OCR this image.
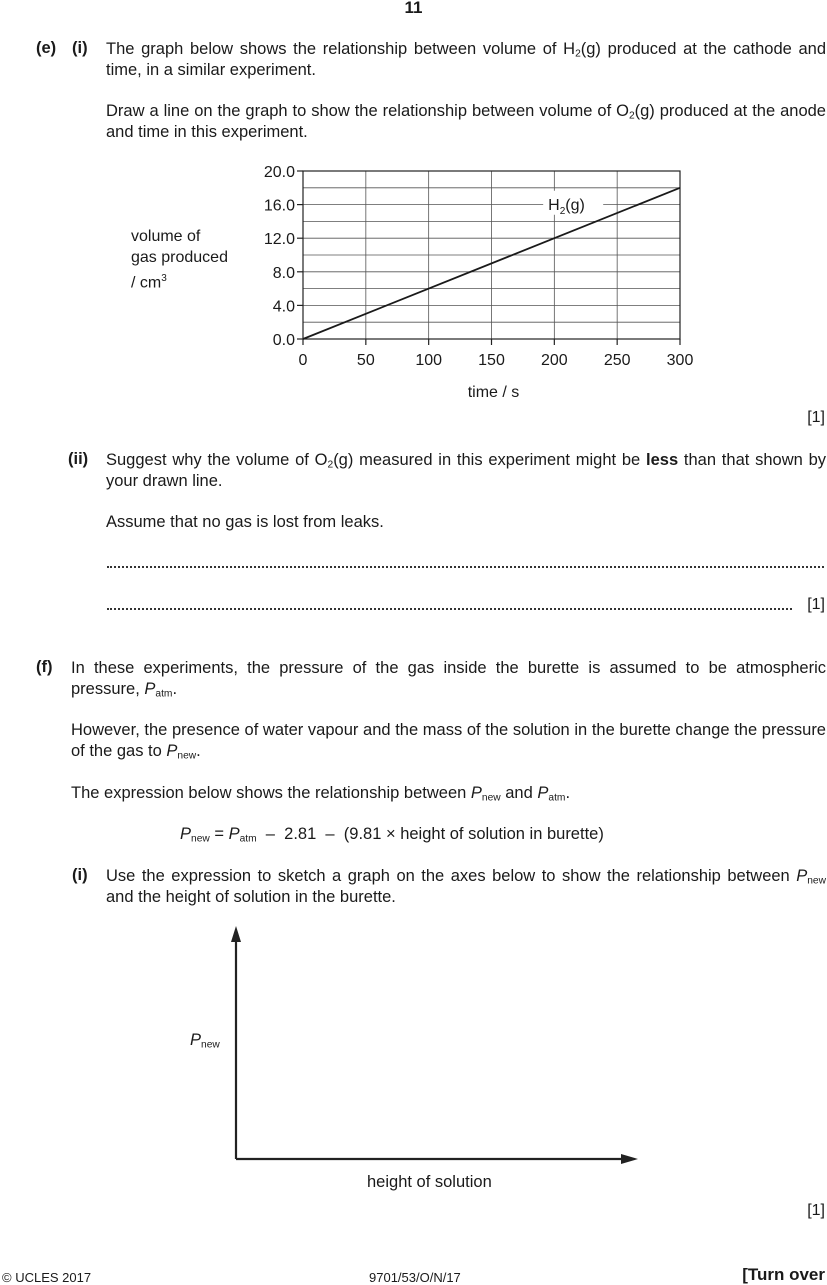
11
(e) (i) The graph below shows the relationship between volume of $H_2(g)$ produced at the cathode and time, in a similar experiment.
Draw a line on the graph to show the relationship between volume of $O_2(g)$ produced at the anode and time in this experiment.
volume of
gas produced
/ $cm^3$
0.0
4.0
8.0
12.0
16.0
20.0
0	50	100 150 200 250 300
$H_2(g)$
time / s
[1]
(ii) Suggest why the volume of $O_2(g)$ measured in this experiment might be less than that shown by your drawn line.
Assume that no gas is lost from leaks.
[1]
(f) In these experiments, the pressure of the gas inside the burette is assumed to be atmospheric pressure, $P_{atm}$.
However, the presence of water vapour and the mass of the solution in the burette change the pressure of the gas to $P_{new}$.
The expression below shows the relationship between $P_{new}$ and $P_{atm}$.
$P_{new} = P_{atm} - 2.81 - (9.81$ × height of solution in burette)
(i) Use the expression to sketch a graph on the axes below to show the relationship between $P_{new}$ and the height of solution in the burette.
$P_{new}$
height of solution
[1]
© UCLES 2017	9701/53/O/N/17	[Turn over
